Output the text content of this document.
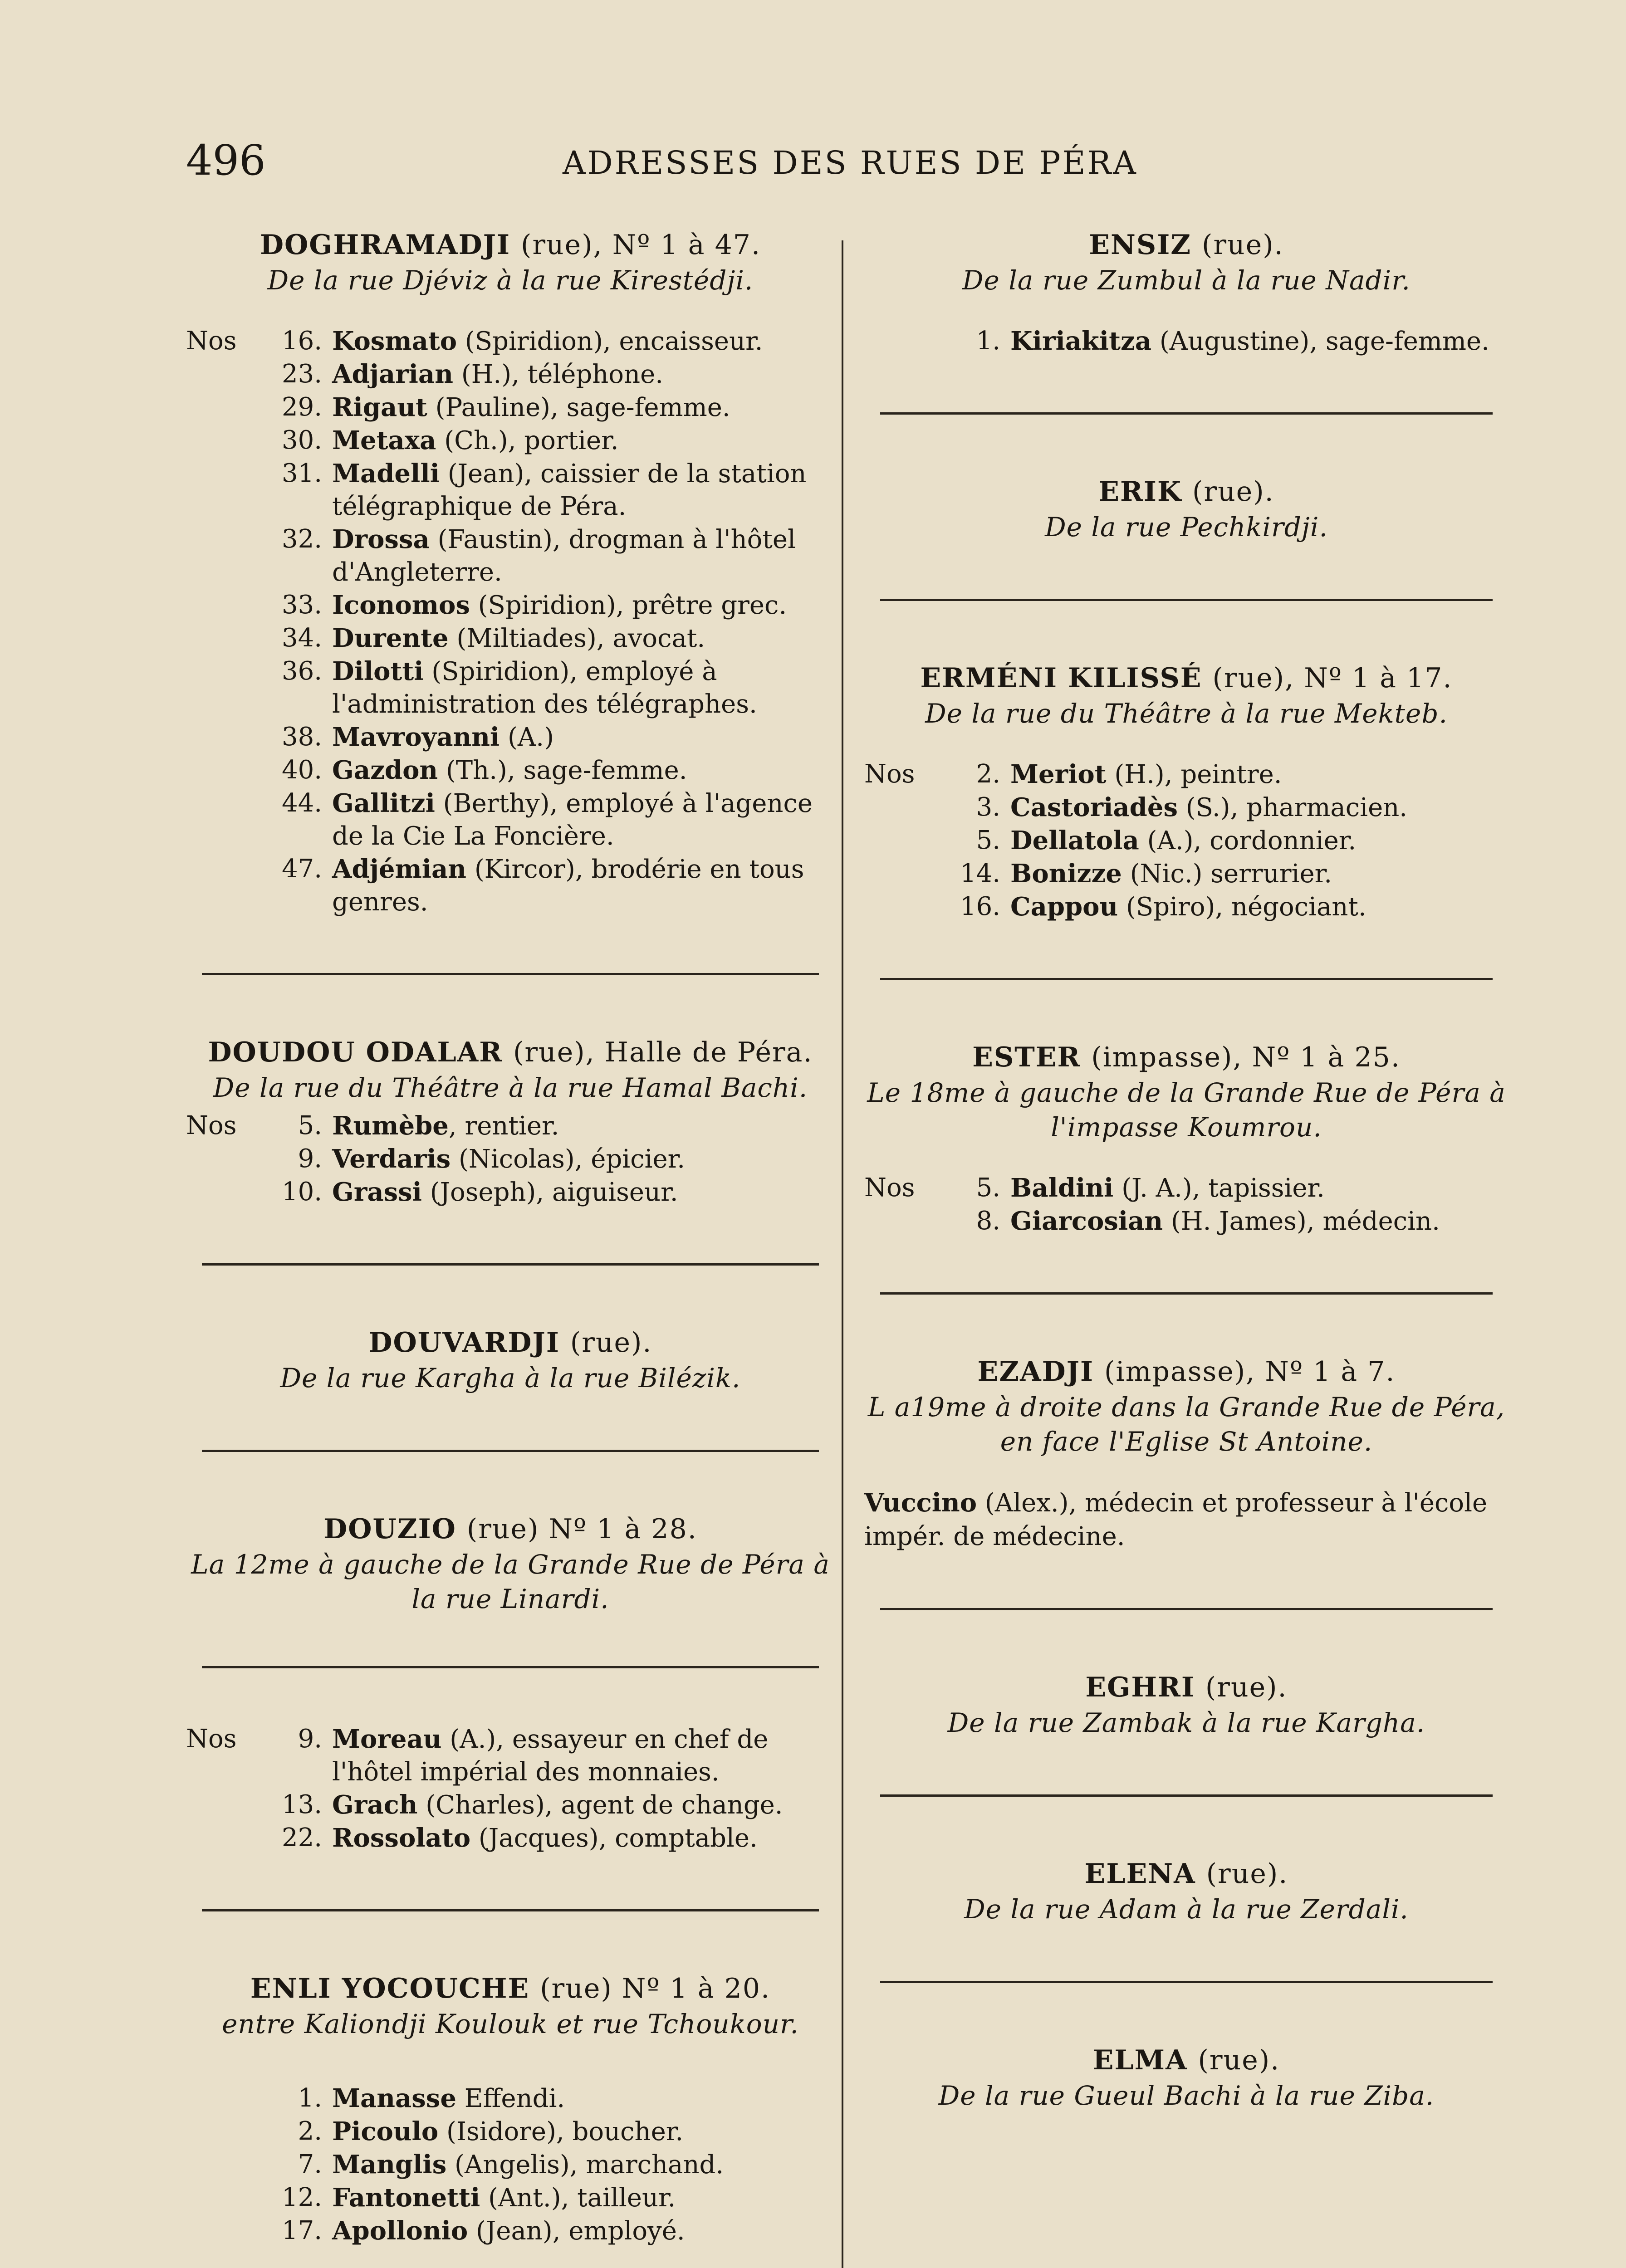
496	ADRESSES DES RUES DE PÉRA
DOGHRAMADJI (rue), Nº 1 à 47.
De la rue Djéviz à la rue Kirestédji.
Nos	16. Kosmato (Spiridion), encaisseur.
23. Adjarian (H.), téléphone.
29. Rigaut (Pauline), sage-femme.
30. Metaxa (Ch.), portier.
31. Madelli (Jean), caissier de la station télégraphique de Péra.
32. Drossa (Faustin), drogman à l'hôtel d'Angleterre.
33. Iconomos (Spiridion), prêtre grec.
34. Durente (Miltiades), avocat.
36. Dilotti (Spiridion), employé à l'administration des télégraphes.
38. Mavroyanni (A.)
40. Gazdon (Th.), sage-femme.
44. Gallitzi (Berthy), employé à l'agence de la Cie La Foncière.
47. Adjémian (Kircor), brodérie en tous genres.
DOUDOU ODALAR (rue), Halle de Péra.
De la rue du Théâtre à la rue Hamal Bachi.
Nos	5. Rumèbe, rentier.
9. Verdaris (Nicolas), épicier.
10. Grassi (Joseph), aiguiseur.
DOUVARDJI (rue).
De la rue Kargha à la rue Bilézik.
DOUZIO (rue) Nº 1 à 28.
La 12me à gauche de la Grande Rue de Péra à la rue Linardi.
Nos	9. Moreau (A.), essayeur en chef de l'hôtel impérial des monnaies.
13. Grach (Charles), agent de change.
22. Rossolato (Jacques), comptable.
ENLI YOCOUCHE (rue) Nº 1 à 20.
entre Kaliondji Koulouk et rue Tchoukour.
1. Manasse Effendi.
2. Picoulo (Isidore), boucher.
7. Manglis (Angelis), marchand.
12. Fantonetti (Ant.), tailleur.
17. Apollonio (Jean), employé.
ENSIZ (rue).
De la rue Zumbul à la rue Nadir.
1. Kiriakitza (Augustine), sage-femme.
ERIK (rue).
De la rue Pechkirdji.
ERMÉNI KILISSÉ (rue), Nº 1 à 17.
De la rue du Théâtre à la rue Mekteb.
Nos	2. Meriot (H.), peintre.
3. Castoriadès (S.), pharmacien.
5. Dellatola (A.), cordonnier.
14. Bonizze (Nic.) serrurier.
16. Cappou (Spiro), négociant.
ESTER (impasse), Nº 1 à 25.
Le 18me à gauche de la Grande Rue de Péra à l'impasse Koumrou.
Nos	5. Baldini (J. A.), tapissier.
8. Giarcosian (H. James), médecin.
EZADJI (impasse), Nº 1 à 7.
L a19me à droite dans la Grande Rue de Péra, en face l'Eglise St Antoine.
Vuccino (Alex.), médecin et professeur à l'école impér. de médecine.
EGHRI (rue).
De la rue Zambak à la rue Kargha.
ELENA (rue).
De la rue Adam à la rue Zerdali.
ELMA (rue).
De la rue Gueul Bachi à la rue Ziba.
